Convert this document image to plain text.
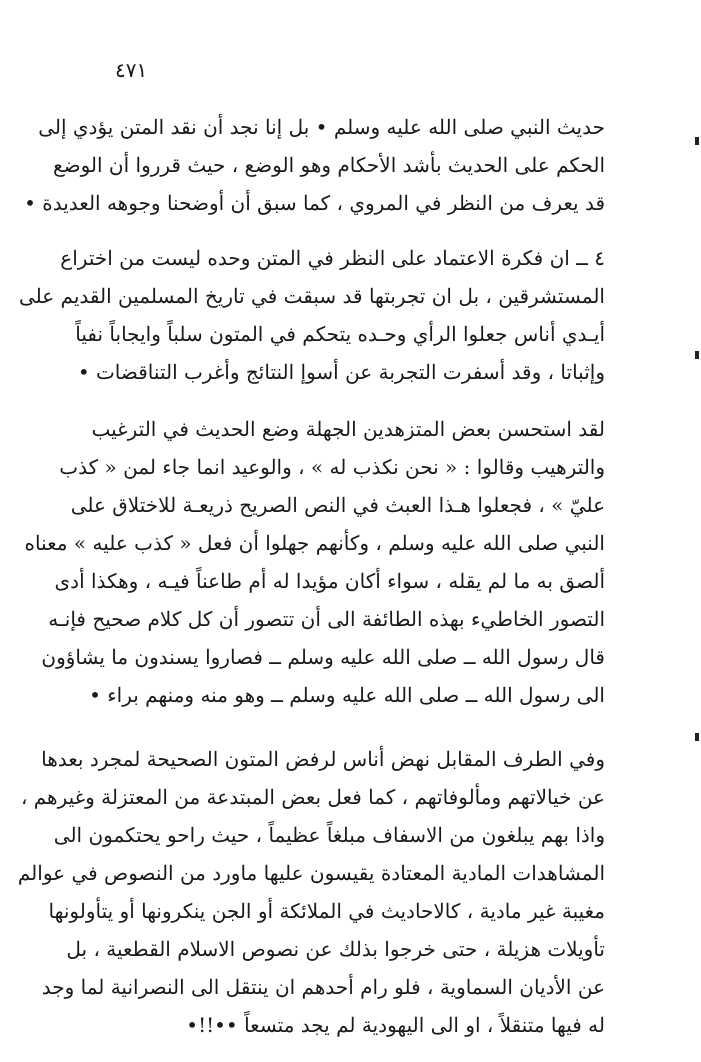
٤٧١
حديث النبي صلى الله عليه وسلم • بل إنا نجد أن نقد المتن يؤدي إلى
الحكم على الحديث بأشد الأحكام وهو الوضع ، حيث قرروا أن الوضع
قد يعرف من النظر في المروي ، كما سبق أن أوضحنا وجوهه العديدة •
٤ ــ ان فكرة الاعتماد على النظر في المتن وحده ليست من اختراع
المستشرقين ، بل ان تجربتها قد سبقت في تاريخ المسلمين القديم على
أيـدي أناس جعلوا الرأي وحـده يتحكم في المتون سلباً وايجاباً نفياً
وإثباتا ، وقد أسفرت التجربة عن أسوإ النتائج وأغرب التناقضات •
لقد استحسن بعض المتزهدين الجهلة وضع الحديث في الترغيب
والترهيب وقالوا : « نحن نكذب له » ، والوعيد انما جاء لمن « كذب
عليّ » ، فجعلوا هـذا العبث في النص الصريح ذريعـة للاختلاق على
النبي صلى الله عليه وسلم ، وكأنهم جهلوا أن فعل « كذب عليه » معناه
ألصق به ما لم يقله ، سواء أكان مؤيدا له أم طاعناً فيـه ، وهكذا أدى
التصور الخاطيء بهذه الطائفة الى أن تتصور أن كل كلام صحيح فإنـه
قال رسول الله ــ صلى الله عليه وسلم ــ فصاروا يسندون ما يشاؤون
الى رسول الله ــ صلى الله عليه وسلم ــ وهو منه ومنهم براء •
وفي الطرف المقابل نهض أناس لرفض المتون الصحيحة لمجرد بعدها
عن خيالاتهم ومألوفاتهم ، كما فعل بعض المبتدعة من المعتزلة وغيرهم ،
واذا بهم يبلغون من الاسفاف مبلغاً عظيماً ، حيث راحو يحتكمون الى
المشاهدات المادية المعتادة يقيسون عليها ماورد من النصوص في عوالم
مغيبة غير مادية ، كالاحاديث في الملائكة أو الجن ينكرونها أو يتأولونها
تأويلات هزيلة ، حتى خرجوا بذلك عن نصوص الاسلام القطعية ، بل
عن الأديان السماوية ، فلو رام أحدهم ان ينتقل الى النصرانية لما وجد
له فيها متنقلاً ، او الى اليهودية لم يجد متسعاً ••!!•
